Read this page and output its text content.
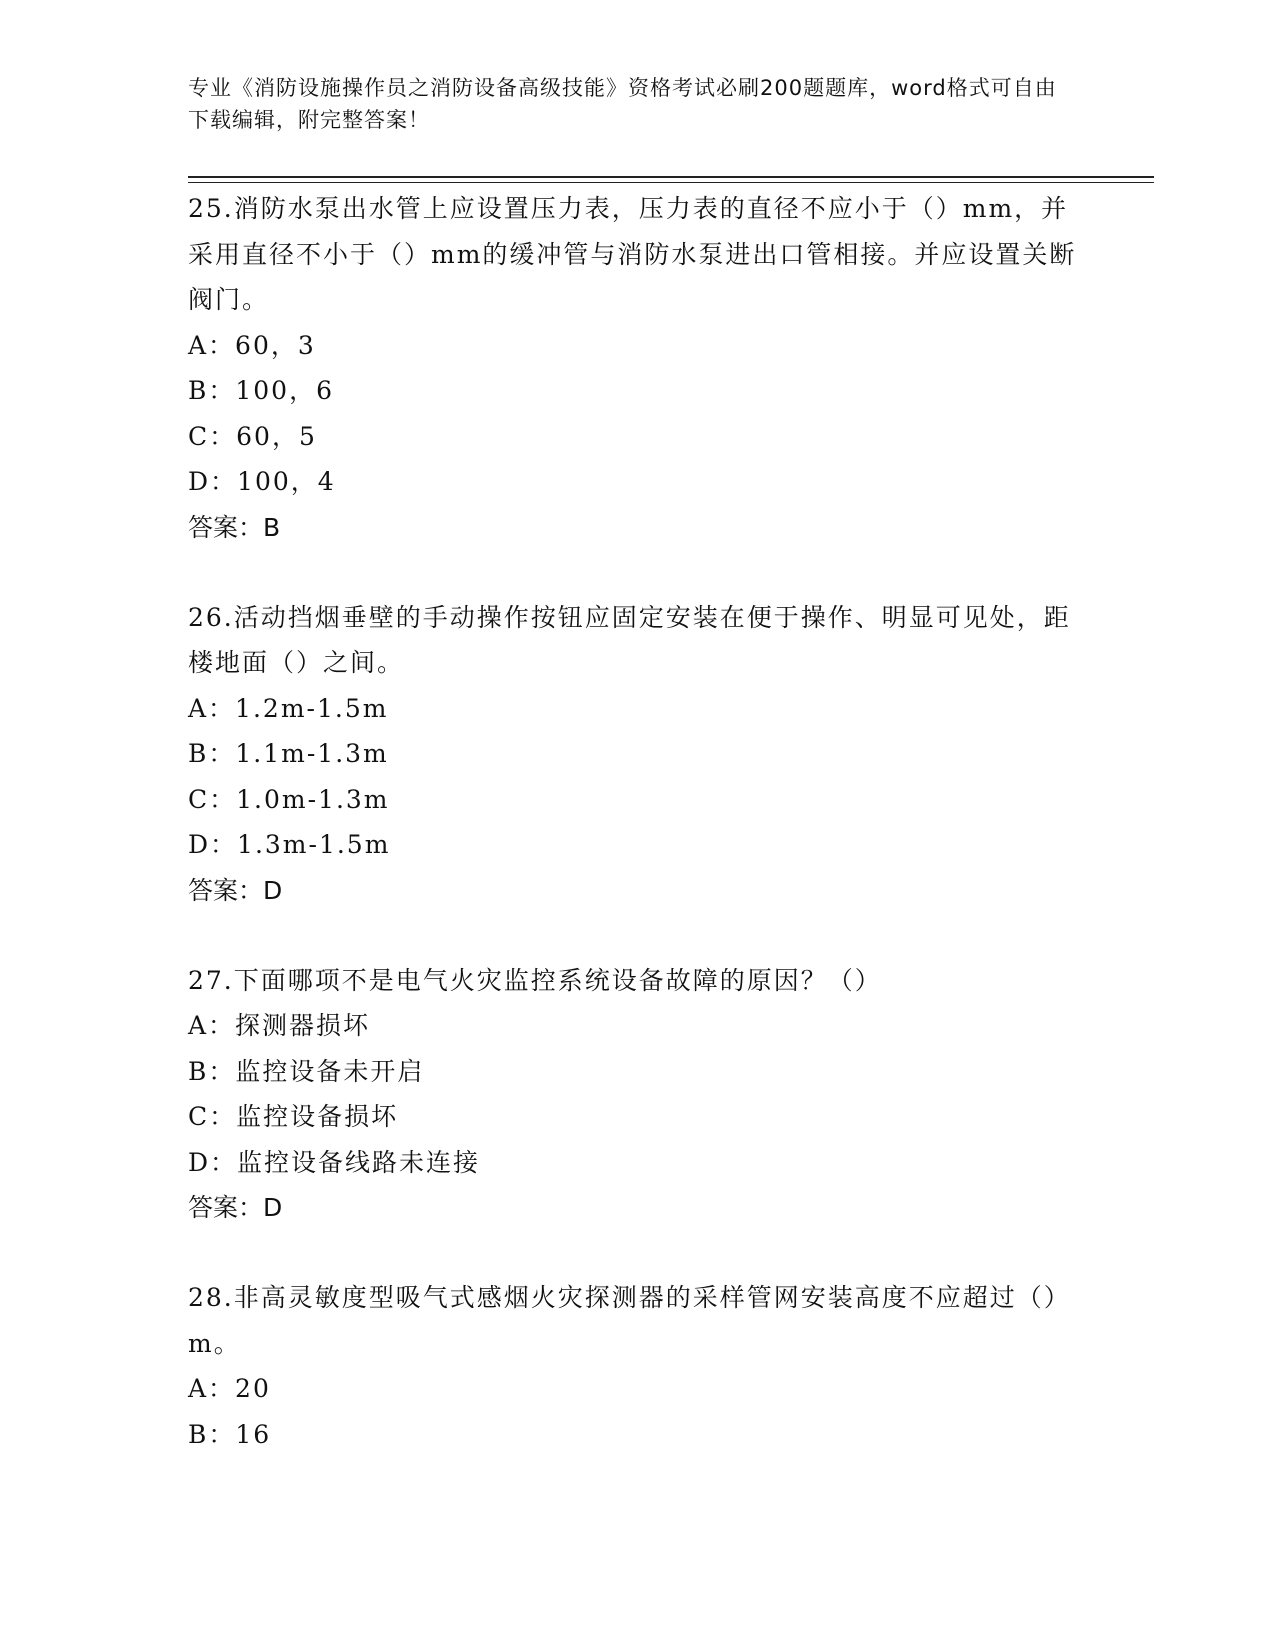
专业《消防设施操作员之消防设备高级技能》资格考试必刷200题题库，word格式可自由下载编辑，附完整答案！
25.消防水泵出水管上应设置压力表，压力表的直径不应小于（）mm，并采用直径不小于（）mm的缓冲管与消防水泵进出口管相接。并应设置关断阀门。
A：60，3
B：100，6
C：60，5
D：100，4
答案：B
26.活动挡烟垂壁的手动操作按钮应固定安装在便于操作、明显可见处，距楼地面（）之间。
A：1.2m-1.5m
B：1.1m-1.3m
C：1.0m-1.3m
D：1.3m-1.5m
答案：D
27.下面哪项不是电气火灾监控系统设备故障的原因？（）
A：探测器损坏
B：监控设备未开启
C：监控设备损坏
D：监控设备线路未连接
答案：D
28.非高灵敏度型吸气式感烟火灾探测器的采样管网安装高度不应超过（）m。
A：20
B：16
